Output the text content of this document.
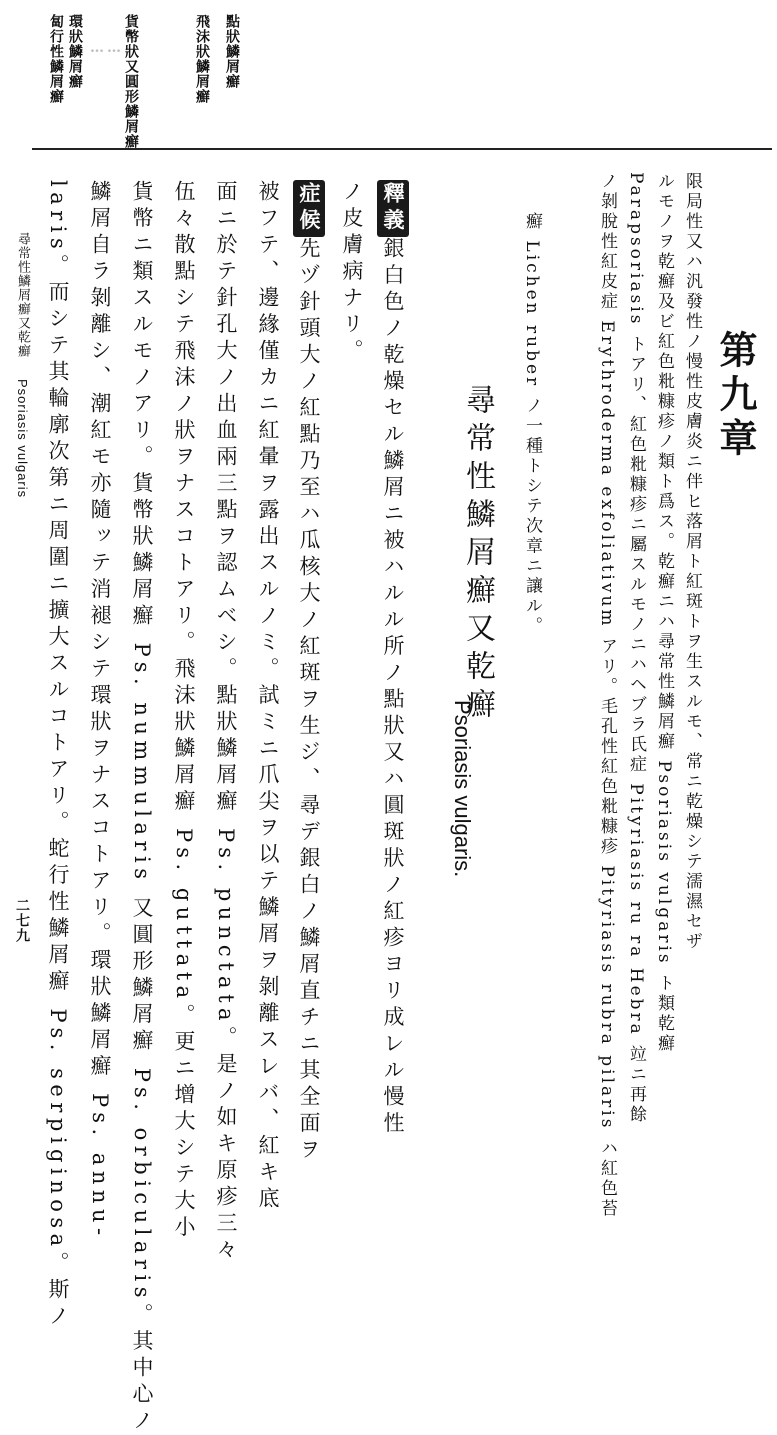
點狀鱗屑癬
飛沫狀鱗屑癬
貨幣狀又圓形鱗屑癬
…
…
環狀鱗屑癬
匐行性鱗屑癬
第九章
限局性又ハ汎發性ノ慢性皮膚炎ニ伴ヒ落屑ト紅斑トヲ生スルモ、常ニ乾燥シテ濡濕セザ
ルモノヲ乾癬及ビ紅色粃糠疹ノ類ト爲ス。乾癬ニハ尋常性鱗屑癬 Psoriasis vulgaris ト類乾癬
Parapsoriasis トアリ、紅色粃糠疹ニ屬スルモノニハヘブラ氏症 Pityriasis ru ra Hebra 竝ニ再餘
ノ剝脫性紅皮症 Erythroderma exfoliativum アリ。毛孔性紅色粃糠疹 Pityriasis rubra pilaris ハ紅色苔
癬 Lichen ruber ノ一種トシテ次章ニ讓ル。
尋常性鱗屑癬又乾癬
Psoriasis vulgaris.
釋義銀白色ノ乾燥セル鱗屑ニ被ハルル所ノ點狀又ハ圓斑狀ノ紅疹ヨリ成レル慢性
ノ皮膚病ナリ。
症候先ヅ針頭大ノ紅點乃至ハ瓜核大ノ紅斑ヲ生ジ、尋デ銀白ノ鱗屑直チニ其全面ヲ
被フテ、邊緣僅カニ紅暈ヲ露出スルノミ。試ミニ爪尖ヲ以テ鱗屑ヲ剝離スレバ、紅キ底
面ニ於テ針孔大ノ出血兩三點ヲ認ムベシ。點狀鱗屑癬 Ps. punctata。是ノ如キ原疹三々
伍々散點シテ飛沫ノ狀ヲナスコトアリ。飛沫狀鱗屑癬 Ps. guttata。更ニ增大シテ大小
貨幣ニ類スルモノアリ。貨幣狀鱗屑癬 Ps. nummularis 又圓形鱗屑癬 Ps. orbicularis。其中心ノ
鱗屑自ラ剝離シ、潮紅モ亦隨ッテ消褪シテ環狀ヲナスコトアリ。環狀鱗屑癬 Ps. annu-
laris。而シテ其輪廓次第ニ周圍ニ擴大スルコトアリ。蛇行性鱗屑癬 Ps. serpiginosa。斯ノ
尋常性鱗屑癬又乾癬 Psoriasis vulgaris
二七九
